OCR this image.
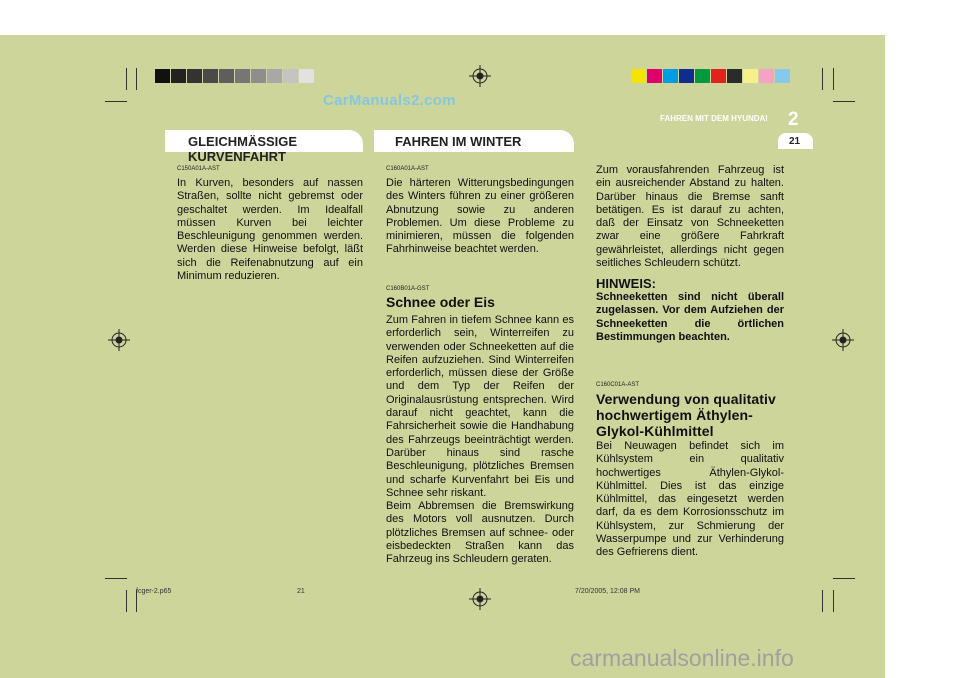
CarManuals2.com
carmanualsonline.info
FAHREN MIT DEM HYUNDAI 2
21
GLEICHMÄSSIGE
KURVENFAHRT
C150A01A-AST
In Kurven, besonders auf nassen Straßen, sollte nicht gebremst oder geschaltet werden. Im Idealfall müssen Kurven bei leichter Beschleunigung genommen werden. Werden diese Hinweise befolgt, läßt sich die Reifenabnutzung auf ein Minimum reduzieren.
FAHREN IM WINTER
C160A01A-AST
Die härteren Witterungsbedingungen des Winters führen zu einer größeren Abnutzung sowie zu anderen Problemen. Um diese Probleme zu minimieren, müssen die folgenden Fahrhinweise beachtet werden.
C160B01A-GST
Schnee oder Eis
Zum Fahren in tiefem Schnee kann es erforderlich sein, Winterreifen zu verwenden oder Schneeketten auf die Reifen aufzuziehen. Sind Winterreifen erforderlich, müssen diese der Größe und dem Typ der Reifen der Originalausrüstung entsprechen. Wird darauf nicht geachtet, kann die Fahrsicherheit sowie die Handhabung des Fahrzeugs beeinträchtigt werden. Darüber hinaus sind rasche Beschleunigung, plötzliches Bremsen und scharfe Kurvenfahrt bei Eis und Schnee sehr riskant.
Beim Abbremsen die Bremswirkung des Motors voll ausnutzen. Durch plötzliches Bremsen auf schnee- oder eisbedeckten Straßen kann das Fahrzeug ins Schleudern geraten.
Zum vorausfahrenden Fahrzeug ist ein ausreichender Abstand zu halten. Darüber hinaus die Bremse sanft betätigen. Es ist darauf zu achten, daß der Einsatz von Schneeketten zwar eine größere Fahrkraft gewährleistet, allerdings nicht gegen seitliches Schleudern schützt.
HINWEIS:
Schneeketten sind nicht überall zugelassen. Vor dem Aufziehen der Schneeketten die örtlichen Bestimmungen beachten.
C160C01A-AST
Verwendung von qualitativ hochwertigem Äthylen-Glykol-Kühlmittel
Bei Neuwagen befindet sich im Kühlsystem ein qualitativ hochwertiges Äthylen-Glykol-Kühlmittel. Dies ist das einzige Kühlmittel, das eingesetzt werden darf, da es dem Korrosionsschutz im Kühlsystem, zur Schmierung der Wasserpumpe und zur Verhinderung des Gefrierens dient.
fcger-2.p65	21	7/20/2005, 12:08 PM
